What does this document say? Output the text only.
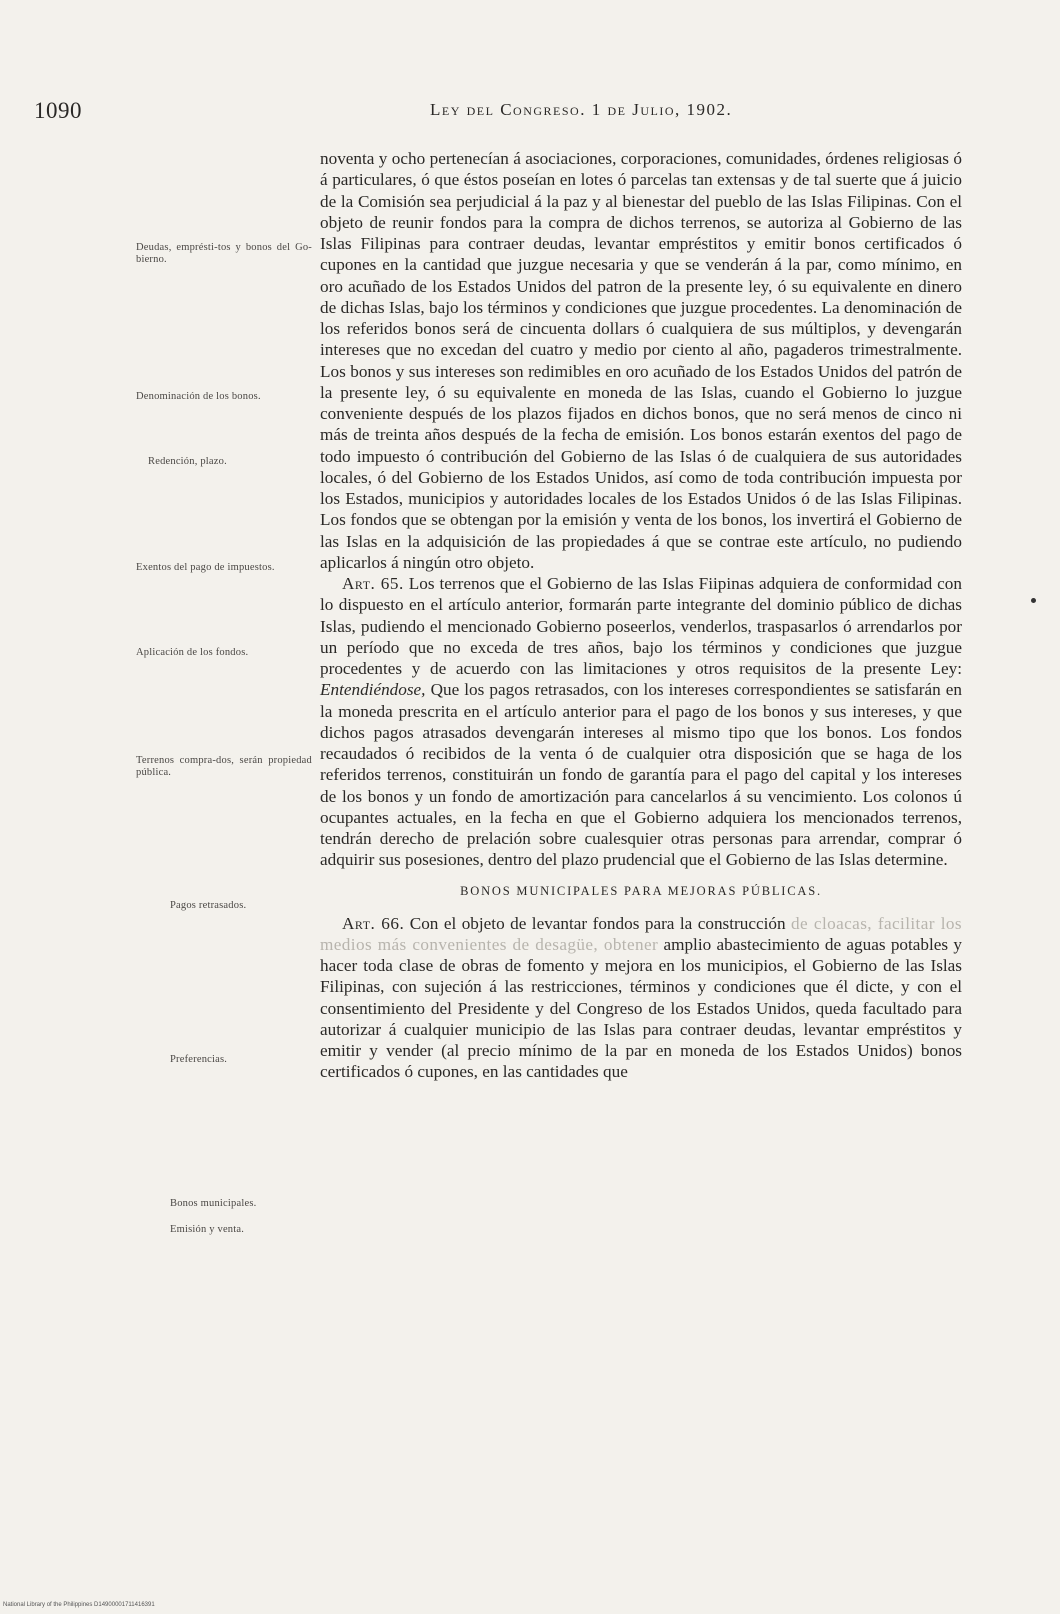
1090	Ley del Congreso. 1 de Julio, 1902.
Deudas, emprésti-tos y bonos del Go-bierno.
Denominación de los bonos.
Redención, plazo.
Exentos del pago de impuestos.
Aplicación de los fondos.
Terrenos compra-dos, serán propiedad pública.
Pagos retrasados.
Preferencias.
Bonos municipales.
Emisión y venta.

noventa y ocho pertenecían á asociaciones, corporaciones, comunidades, órdenes religiosas ó á particulares, ó que éstos poseían en lotes ó parcelas tan extensas y de tal suerte que á juicio de la Comisión sea perjudicial á la paz y al bienestar del pueblo de las Islas Filipinas. Con el objeto de reunir fondos para la compra de dichos terrenos, se autoriza al Gobierno de las Islas Filipinas para contraer deudas, levantar empréstitos y emitir bonos certificados ó cupones en la cantidad que juzgue necesaria y que se venderán á la par, como mínimo, en oro acuñado de los Estados Unidos del patron de la presente ley, ó su equivalente en dinero de dichas Islas, bajo los términos y condiciones que juzgue procedentes. La denominación de los referidos bonos será de cincuenta dollars ó cualquiera de sus múltiplos, y devengarán intereses que no excedan del cuatro y medio por ciento al año, pagaderos trimestralmente. Los bonos y sus intereses son redimibles en oro acuñado de los Estados Unidos del patrón de la presente ley, ó su equivalente en moneda de las Islas, cuando el Gobierno lo juzgue conveniente después de los plazos fijados en dichos bonos, que no será menos de cinco ni más de treinta años después de la fecha de emisión. Los bonos estarán exentos del pago de todo impuesto ó contribución del Gobierno de las Islas ó de cualquiera de sus autoridades locales, ó del Gobierno de los Estados Unidos, así como de toda contribución impuesta por los Estados, municipios y autoridades locales de los Estados Unidos ó de las Islas Filipinas. Los fondos que se obtengan por la emisión y venta de los bonos, los invertirá el Gobierno de las Islas en la adquisición de las propiedades á que se contrae este artículo, no pudiendo aplicarlos á ningún otro objeto.

Art. 65. Los terrenos que el Gobierno de las Islas Fiipinas adquiera de conformidad con lo dispuesto en el artículo anterior, formarán parte integrante del dominio público de dichas Islas, pudiendo el mencionado Gobierno poseerlos, venderlos, traspasarlos ó arrendarlos por un período que no exceda de tres años, bajo los términos y condiciones que juzgue procedentes y de acuerdo con las limitaciones y otros requisitos de la presente Ley: Entendiéndose, Que los pagos retrasados, con los intereses correspondientes se satisfarán en la moneda prescrita en el artículo anterior para el pago de los bonos y sus intereses, y que dichos pagos atrasados devengarán intereses al mismo tipo que los bonos. Los fondos recaudados ó recibidos de la venta ó de cualquier otra disposición que se haga de los referidos terrenos, constituirán un fondo de garantía para el pago del capital y los intereses de los bonos y un fondo de amortización para cancelarlos á su vencimiento. Los colonos ú ocupantes actuales, en la fecha en que el Gobierno adquiera los mencionados terrenos, tendrán derecho de prelación sobre cualesquier otras personas para arrendar, comprar ó adquirir sus posesiones, dentro del plazo prudencial que el Gobierno de las Islas determine.

BONOS MUNICIPALES PARA MEJORAS PÚBLICAS.

Art. 66. Con el objeto de levantar fondos para la construcción de cloacas, facilitar los medios más convenientes de desagüe, obtener amplio abastecimiento de aguas potables y hacer toda clase de obras de fomento y mejora en los municipios, el Gobierno de las Islas Filipinas, con sujeción á las restricciones, términos y condiciones que él dicte, y con el consentimiento del Presidente y del Congreso de los Estados Unidos, queda facultado para autorizar á cualquier municipio de las Islas para contraer deudas, levantar empréstitos y emitir y vender (al precio mínimo de la par en moneda de los Estados Unidos) bonos certificados ó cupones, en las cantidades que

National Library of the Philippines D14900001711416391
